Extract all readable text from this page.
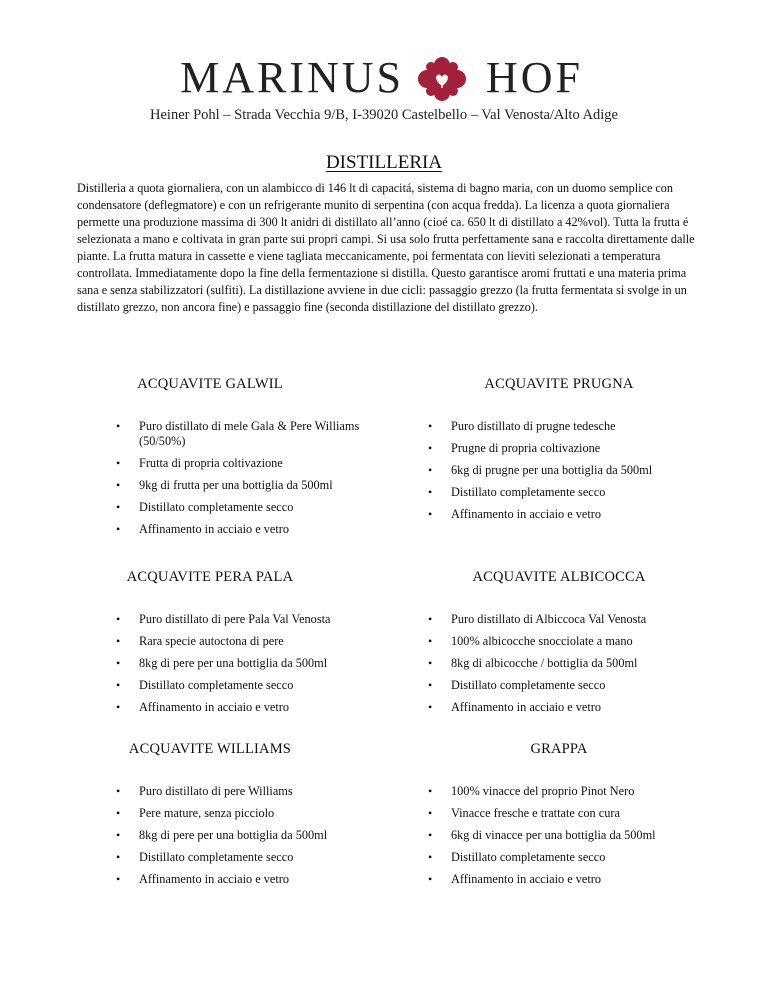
MARINUS HOF
Heiner Pohl – Strada Vecchia 9/B, I-39020 Castelbello – Val Venosta/Alto Adige
DISTILLERIA

Distilleria a quota giornaliera, con un alambicco di 146 lt di capacitá, sistema di bagno maria, con un duomo semplice con condensatore (deflegmatore) e con un refrigerante munito di serpentina (con acqua fredda). La licenza a quota giornaliera permette una produzione massima di 300 lt anidri di distillato all’anno (cioé ca. 650 lt di distillato a 42%vol). Tutta la frutta é selezionata a mano e coltivata in gran parte sui propri campi. Si usa solo frutta perfettamente sana e raccolta direttamente dalle piante. La frutta matura in cassette e viene tagliata meccanicamente, poi fermentata con lieviti selezionati a temperatura controllata. Immediatamente dopo la fine della fermentazione si distilla. Questo garantisce aromi fruttati e una materia prima sana e senza stabilizzatori (sulfiti). La distillazione avviene in due cicli: passaggio grezzo (la frutta fermentata si svolge in un distillato grezzo, non ancora fine) e passaggio fine (seconda distillazione del distillato grezzo).

ACQUAVITE GALWIL
• Puro distillato di mele Gala & Pere Williams (50/50%)
• Frutta di propria coltivazione
• 9kg di frutta per una bottiglia da 500ml
• Distillato completamente secco
• Affinamento in acciaio e vetro
ACQUAVITE PRUGNA
• Puro distillato di prugne tedesche
• Prugne di propria coltivazione
• 6kg di prugne per una bottiglia da 500ml
• Distillato completamente secco
• Affinamento in acciaio e vetro
ACQUAVITE PERA PALA
• Puro distillato di pere Pala Val Venosta
• Rara specie autoctona di pere
• 8kg di pere per una bottiglia da 500ml
• Distillato completamente secco
• Affinamento in acciaio e vetro
ACQUAVITE ALBICOCCA
• Puro distillato di Albiccoca Val Venosta
• 100% albicocche snocciolate a mano
• 8kg di albicocche / bottiglia da 500ml
• Distillato completamente secco
• Affinamento in acciaio e vetro
ACQUAVITE WILLIAMS
• Puro distillato di pere Williams
• Pere mature, senza picciolo
• 8kg di pere per una bottiglia da 500ml
• Distillato completamente secco
• Affinamento in acciaio e vetro
GRAPPA
• 100% vinacce del proprio Pinot Nero
• Vinacce fresche e trattate con cura
• 6kg di vinacce per una bottiglia da 500ml
• Distillato completamente secco
• Affinamento in acciaio e vetro
